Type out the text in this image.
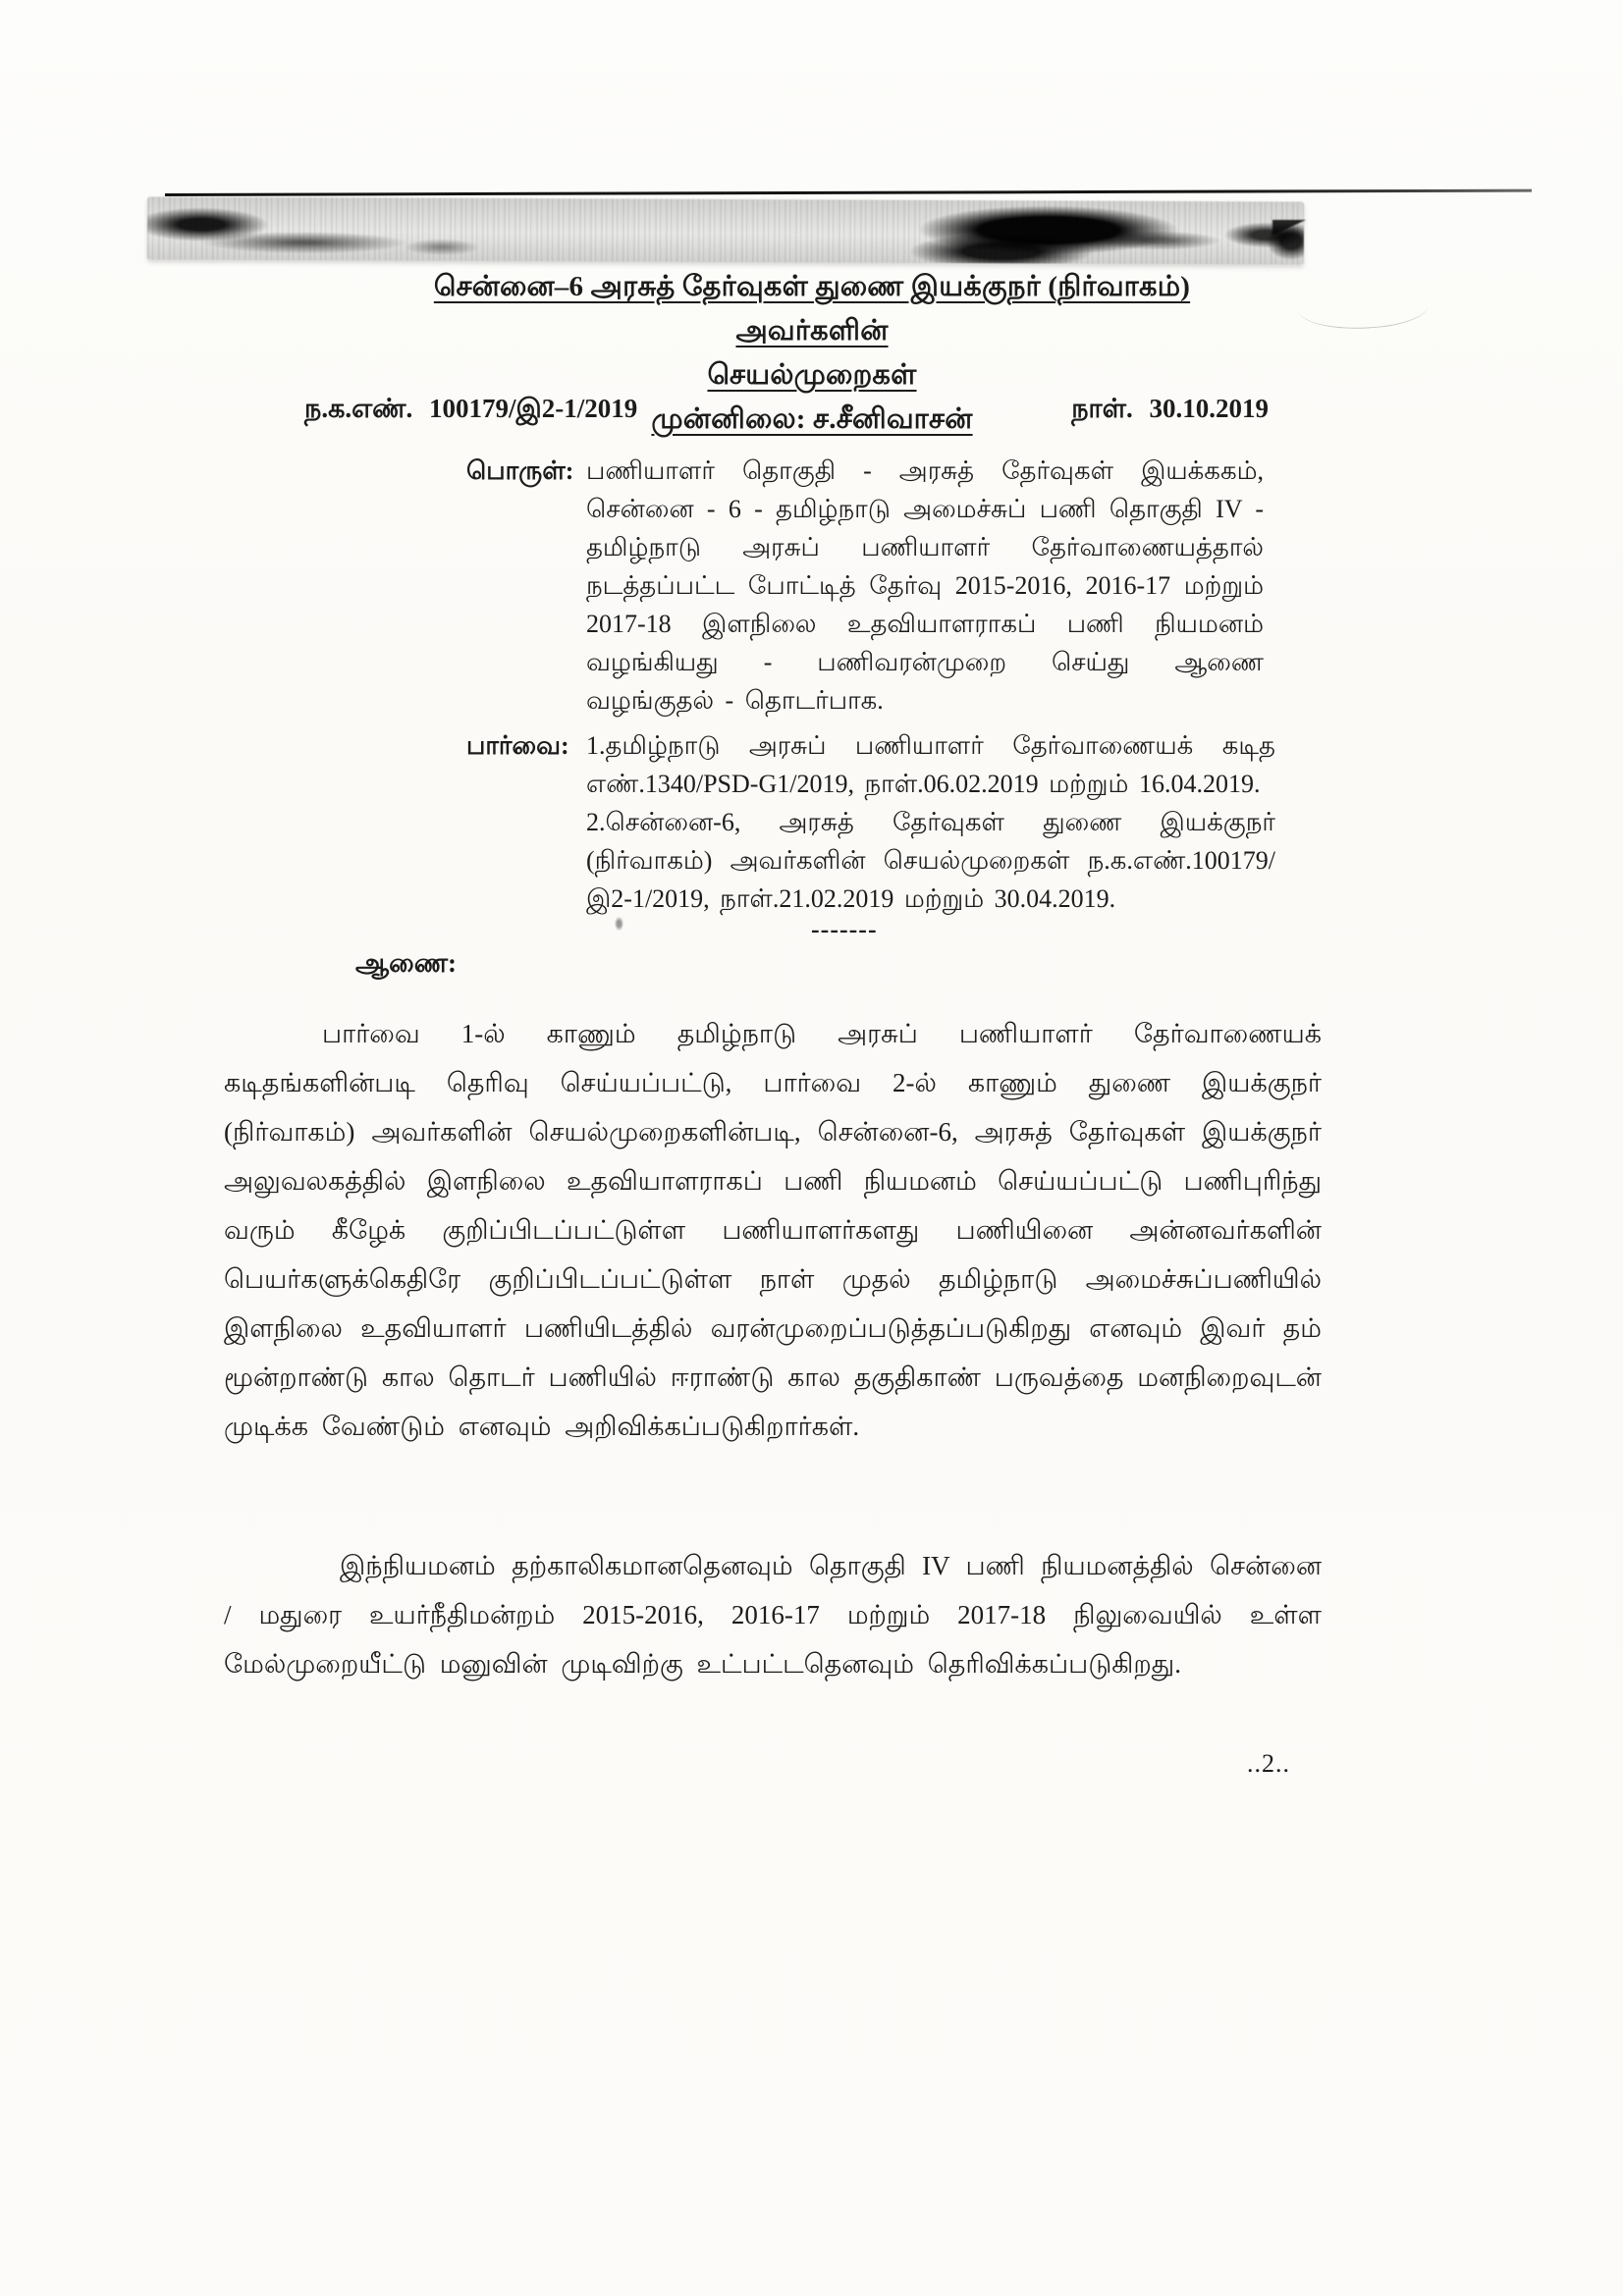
சென்னை–6 அரசுத் தேர்வுகள் துணை இயக்குநர் (நிர்வாகம்) அவர்களின்
செயல்முறைகள்
முன்னிலை: ச.சீனிவாசன்
ந.க.எண். 100179/இ2-1/2019	நாள். 30.10.2019
பொருள்: பணியாளர் தொகுதி - அரசுத் தேர்வுகள் இயக்ககம், சென்னை - 6 - தமிழ்நாடு அமைச்சுப் பணி தொகுதி IV - தமிழ்நாடு அரசுப் பணியாளர் தேர்வாணையத்தால் நடத்தப்பட்ட போட்டித் தேர்வு 2015-2016, 2016-17 மற்றும் 2017-18 இளநிலை உதவியாளராகப் பணி நியமனம் வழங்கியது - பணிவரன்முறை செய்து ஆணை வழங்குதல் - தொடர்பாக.
பார்வை: 1.தமிழ்நாடு அரசுப் பணியாளர் தேர்வாணையக் கடித எண்.1340/PSD-G1/2019, நாள்.06.02.2019 மற்றும் 16.04.2019.
2.சென்னை-6, அரசுத் தேர்வுகள் துணை இயக்குநர் (நிர்வாகம்) அவர்களின் செயல்முறைகள் ந.க.எண்.100179/ இ2-1/2019, நாள்.21.02.2019 மற்றும் 30.04.2019.
-------
ஆணை:
பார்வை 1-ல் காணும் தமிழ்நாடு அரசுப் பணியாளர் தேர்வாணையக் கடிதங்களின்படி தெரிவு செய்யப்பட்டு, பார்வை 2-ல் காணும் துணை இயக்குநர் (நிர்வாகம்) அவர்களின் செயல்முறைகளின்படி, சென்னை-6, அரசுத் தேர்வுகள் இயக்குநர் அலுவலகத்தில் இளநிலை உதவியாளராகப் பணி நியமனம் செய்யப்பட்டு பணிபுரிந்து வரும் கீழேக் குறிப்பிடப்பட்டுள்ள பணியாளர்களது பணியினை அன்னவர்களின் பெயர்களுக்கெதிரே குறிப்பிடப்பட்டுள்ள நாள் முதல் தமிழ்நாடு அமைச்சுப்பணியில் இளநிலை உதவியாளர் பணியிடத்தில் வரன்முறைப்படுத்தப்படுகிறது எனவும் இவர் தம் மூன்றாண்டு கால தொடர் பணியில் ஈராண்டு கால தகுதிகாண் பருவத்தை மனநிறைவுடன் முடிக்க வேண்டும் எனவும் அறிவிக்கப்படுகிறார்கள்.
இந்நியமனம் தற்காலிகமானதெனவும் தொகுதி IV பணி நியமனத்தில் சென்னை / மதுரை உயர்நீதிமன்றம் 2015-2016, 2016-17 மற்றும் 2017-18 நிலுவையில் உள்ள மேல்முறையீட்டு மனுவின் முடிவிற்கு உட்பட்டதெனவும் தெரிவிக்கப்படுகிறது.
..2..
